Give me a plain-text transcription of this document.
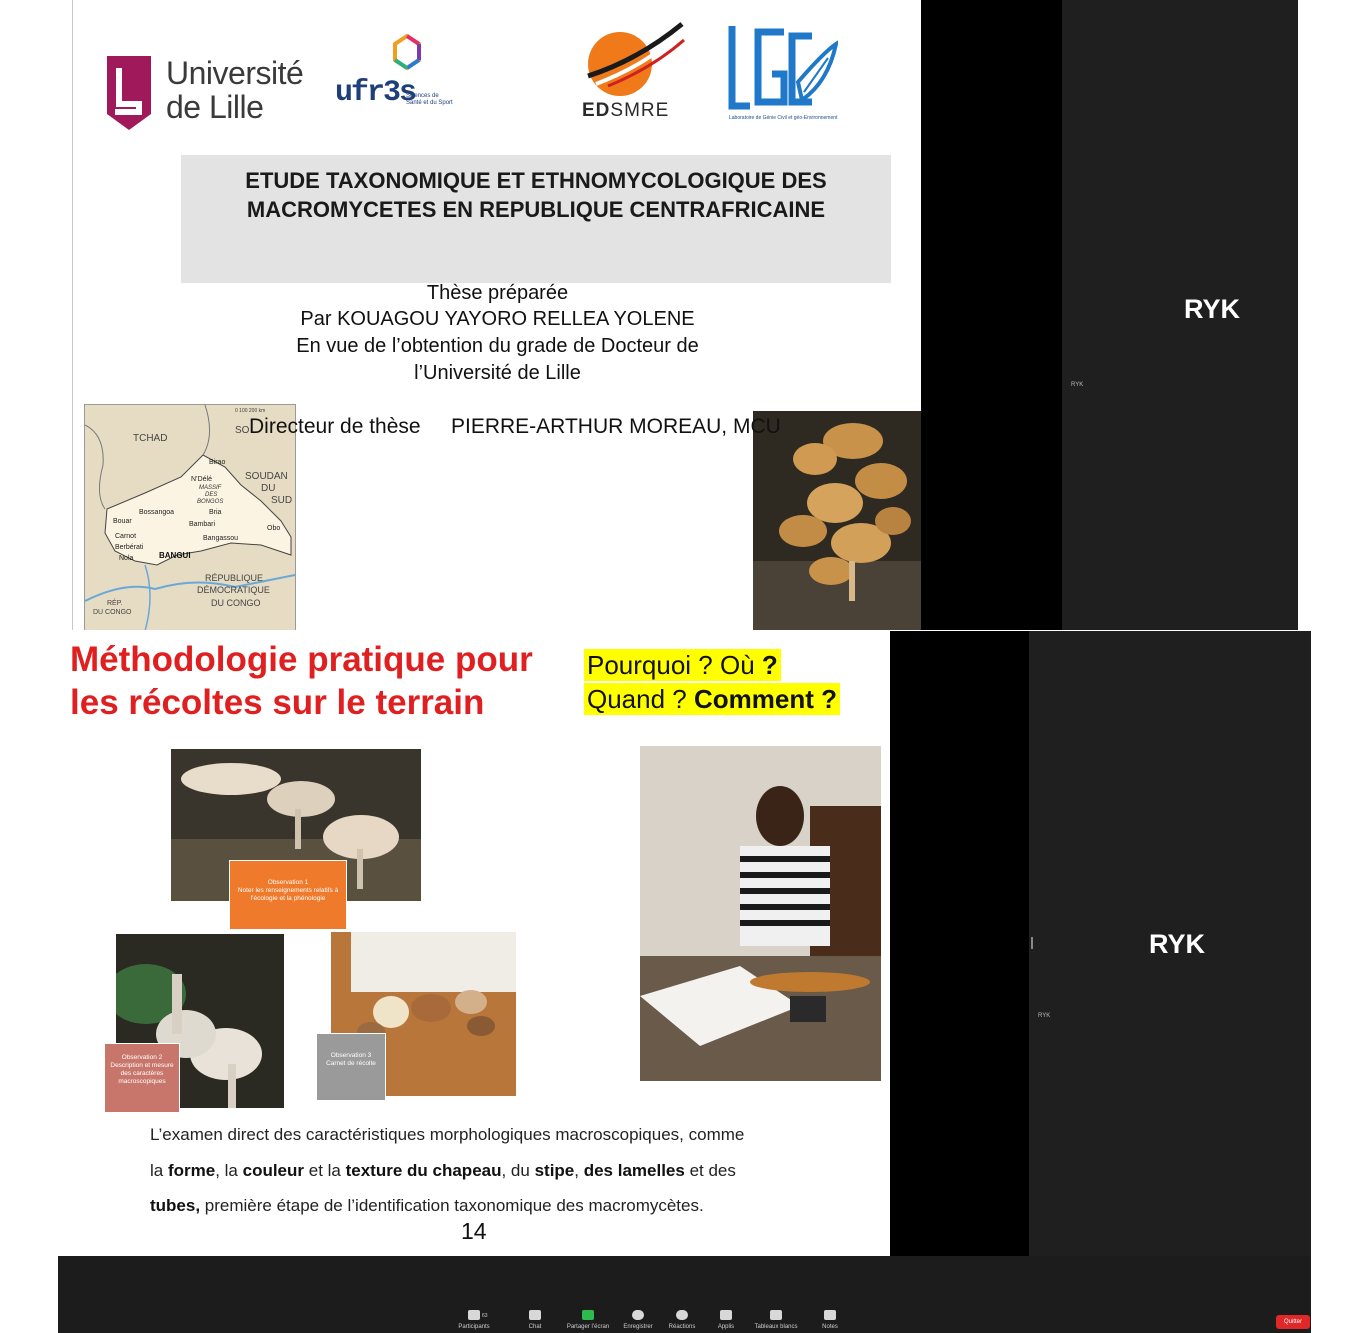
Université
de Lille	ufr3s
Sciences de Santé et du Sport	EDSMRE	Laboratoire de Génie Civil et géo-Environnement
ETUDE TAXONOMIQUE ET ETHNOMYCOLOGIQUE DES
MACROMYCETES EN REPUBLIQUE CENTRAFRICAINE
Thèse préparée
Par KOUAGOU YAYORO RELLEA YOLENE
En vue de l’obtention du grade de Docteur de
l’Université de Lille
TCHAD
SOUDAN
DU
SUD
SO
0 100 200 km
Birao
N’Délé
MASSIF
DES
BONGOS
Bossangoa
Bouar
Bria
Bambari
Obo
Bangassou
Carnot
Berbérati
Nola	BANGUI
RÉPUBLIQUE
DÉMOCRATIQUE
DU CONGO
RÉP.
DU CONGO
Directeur de thèse PIERRE-ARTHUR MOREAU, MCU
RYK
RYK
Méthodologie pratique pour
les récoltes sur le terrain
Pourquoi ? Où ?
Quand ? Comment ?
Observation 1
Noter les renseignements relatifs à l’écologie et la phénologie
Observation 2
Description et mesure des caractères macroscopiques
Observation 3
Carnet de récolte
L’examen direct des caractéristiques morphologiques macroscopiques, comme
la forme, la couleur et la texture du chapeau, du stipe, des lamelles et des
tubes, première étape de l’identification taxonomique des macromycètes.
14
RYK
RYK
Participants
63
Chat	Partager l’écran	Enregistrer	Réactions	Applis	Tableaux blancs	Notes
Quitter
